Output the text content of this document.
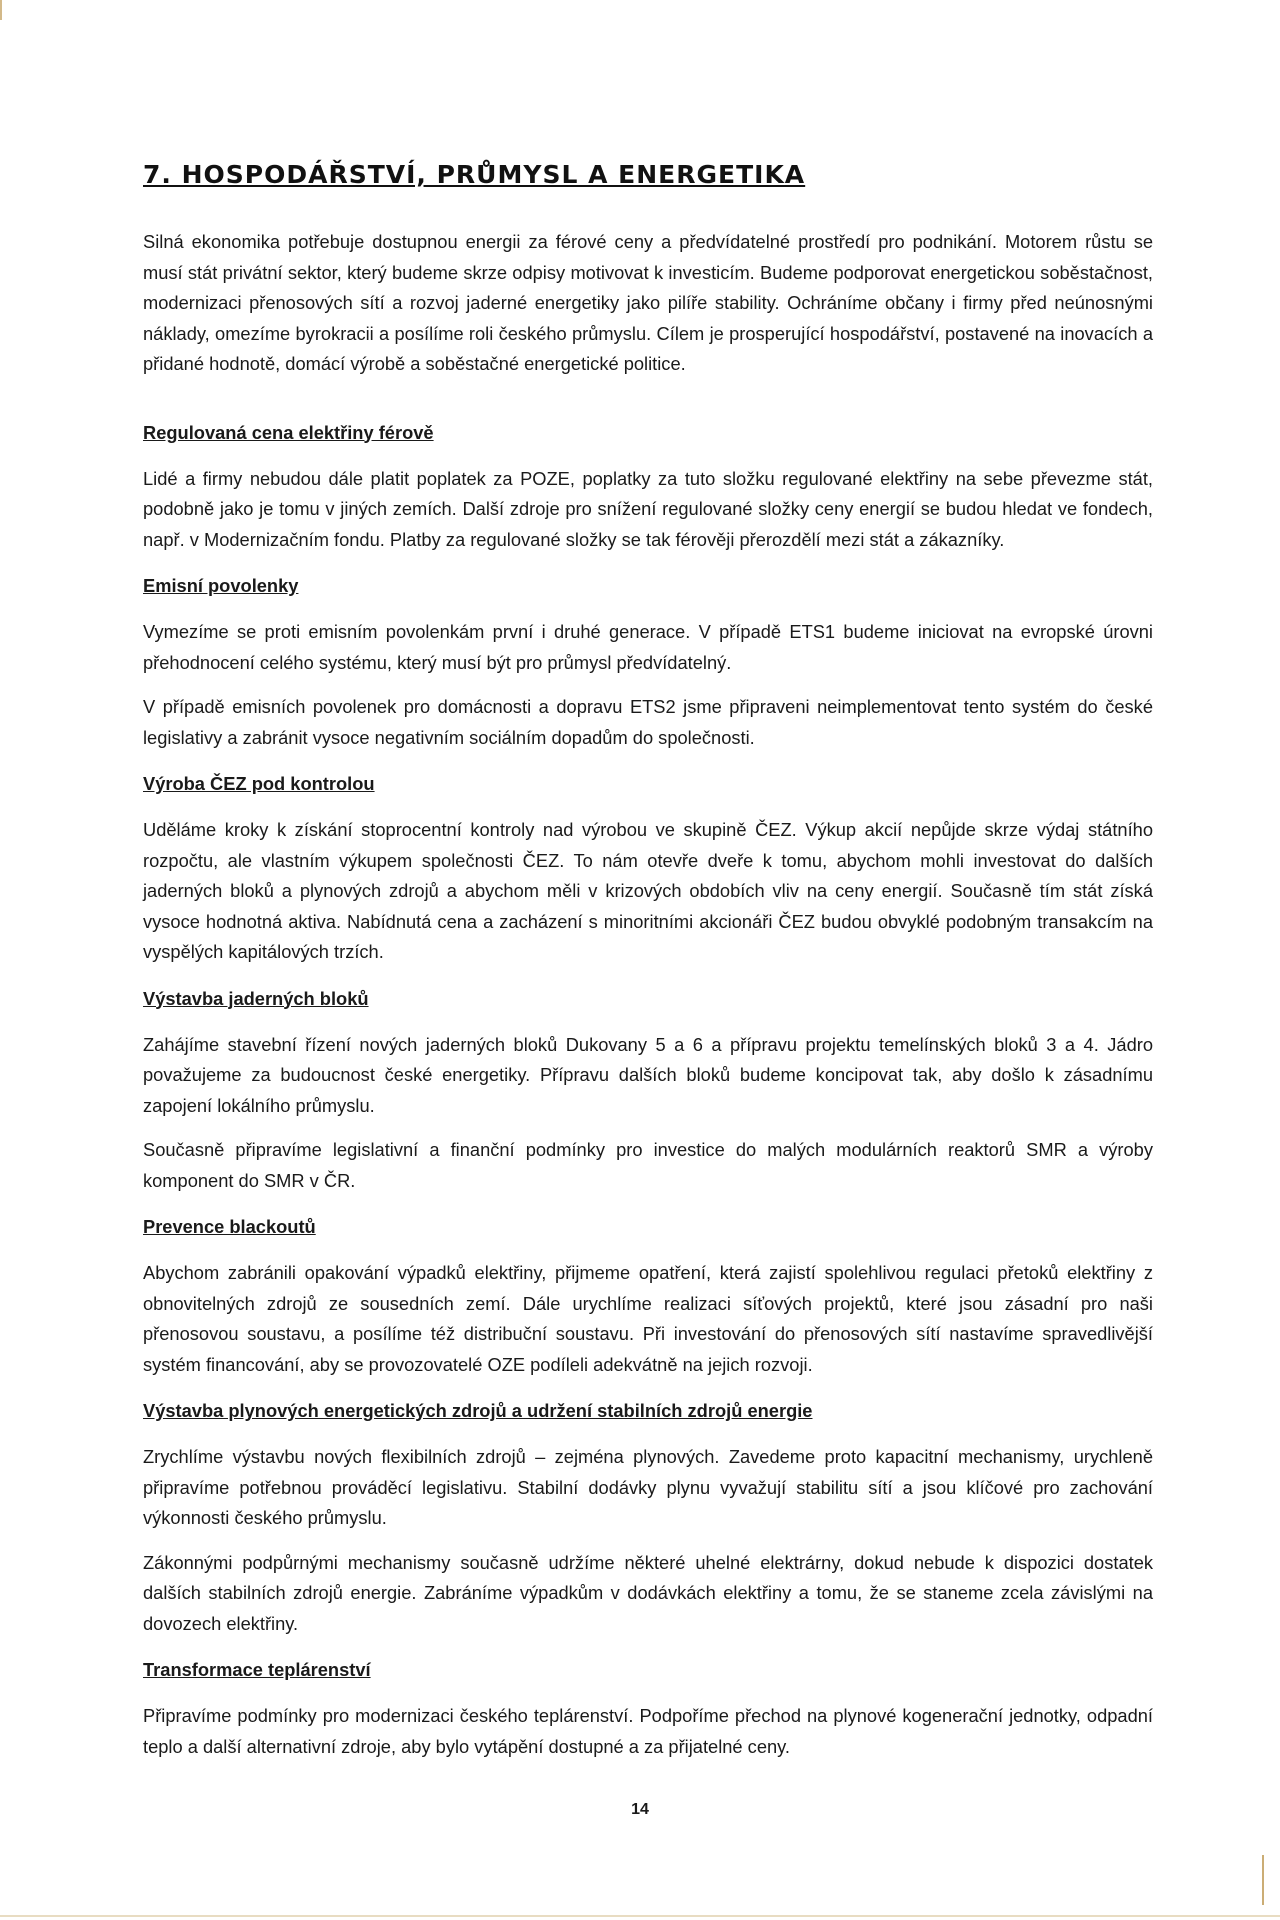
7. HOSPODÁŘSTVÍ, PRŮMYSL A ENERGETIKA

Silná ekonomika potřebuje dostupnou energii za férové ceny a předvídatelné prostředí pro podnikání. Motorem růstu se musí stát privátní sektor, který budeme skrze odpisy motivovat k investicím. Budeme podporovat energetickou soběstačnost, modernizaci přenosových sítí a rozvoj jaderné energetiky jako pilíře stability. Ochráníme občany i firmy před neúnosnými náklady, omezíme byrokracii a posílíme roli českého průmyslu. Cílem je prosperující hospodářství, postavené na inovacích a přidané hodnotě, domácí výrobě a soběstačné energetické politice.

Regulovaná cena elektřiny férově

Lidé a firmy nebudou dále platit poplatek za POZE, poplatky za tuto složku regulované elektřiny na sebe převezme stát, podobně jako je tomu v jiných zemích. Další zdroje pro snížení regulované složky ceny energií se budou hledat ve fondech, např. v Modernizačním fondu. Platby za regulované složky se tak férověji přerozdělí mezi stát a zákazníky.

Emisní povolenky

Vymezíme se proti emisním povolenkám první i druhé generace. V případě ETS1 budeme iniciovat na evropské úrovni přehodnocení celého systému, který musí být pro průmysl předvídatelný.

V případě emisních povolenek pro domácnosti a dopravu ETS2 jsme připraveni neimplementovat tento systém do české legislativy a zabránit vysoce negativním sociálním dopadům do společnosti.

Výroba ČEZ pod kontrolou

Uděláme kroky k získání stoprocentní kontroly nad výrobou ve skupině ČEZ. Výkup akcií nepůjde skrze výdaj státního rozpočtu, ale vlastním výkupem společnosti ČEZ. To nám otevře dveře k tomu, abychom mohli investovat do dalších jaderných bloků a plynových zdrojů a abychom měli v krizových obdobích vliv na ceny energií. Současně tím stát získá vysoce hodnotná aktiva. Nabídnutá cena a zacházení s minoritními akcionáři ČEZ budou obvyklé podobným transakcím na vyspělých kapitálových trzích.

Výstavba jaderných bloků

Zahájíme stavební řízení nových jaderných bloků Dukovany 5 a 6 a přípravu projektu temelínských bloků 3 a 4. Jádro považujeme za budoucnost české energetiky. Přípravu dalších bloků budeme koncipovat tak, aby došlo k zásadnímu zapojení lokálního průmyslu.

Současně připravíme legislativní a finanční podmínky pro investice do malých modulárních reaktorů SMR a výroby komponent do SMR v ČR.

Prevence blackoutů

Abychom zabránili opakování výpadků elektřiny, přijmeme opatření, která zajistí spolehlivou regulaci přetoků elektřiny z obnovitelných zdrojů ze sousedních zemí. Dále urychlíme realizaci síťových projektů, které jsou zásadní pro naši přenosovou soustavu, a posílíme též distribuční soustavu. Při investování do přenosových sítí nastavíme spravedlivější systém financování, aby se provozovatelé OZE podíleli adekvátně na jejich rozvoji.

Výstavba plynových energetických zdrojů a udržení stabilních zdrojů energie

Zrychlíme výstavbu nových flexibilních zdrojů – zejména plynových. Zavedeme proto kapacitní mechanismy, urychleně připravíme potřebnou prováděcí legislativu. Stabilní dodávky plynu vyvažují stabilitu sítí a jsou klíčové pro zachování výkonnosti českého průmyslu.

Zákonnými podpůrnými mechanismy současně udržíme některé uhelné elektrárny, dokud nebude k dispozici dostatek dalších stabilních zdrojů energie. Zabráníme výpadkům v dodávkách elektřiny a tomu, že se staneme zcela závislými na dovozech elektřiny.

Transformace teplárenství

Připravíme podmínky pro modernizaci českého teplárenství. Podpoříme přechod na plynové kogenerační jednotky, odpadní teplo a další alternativní zdroje, aby bylo vytápění dostupné a za přijatelné ceny.

14
